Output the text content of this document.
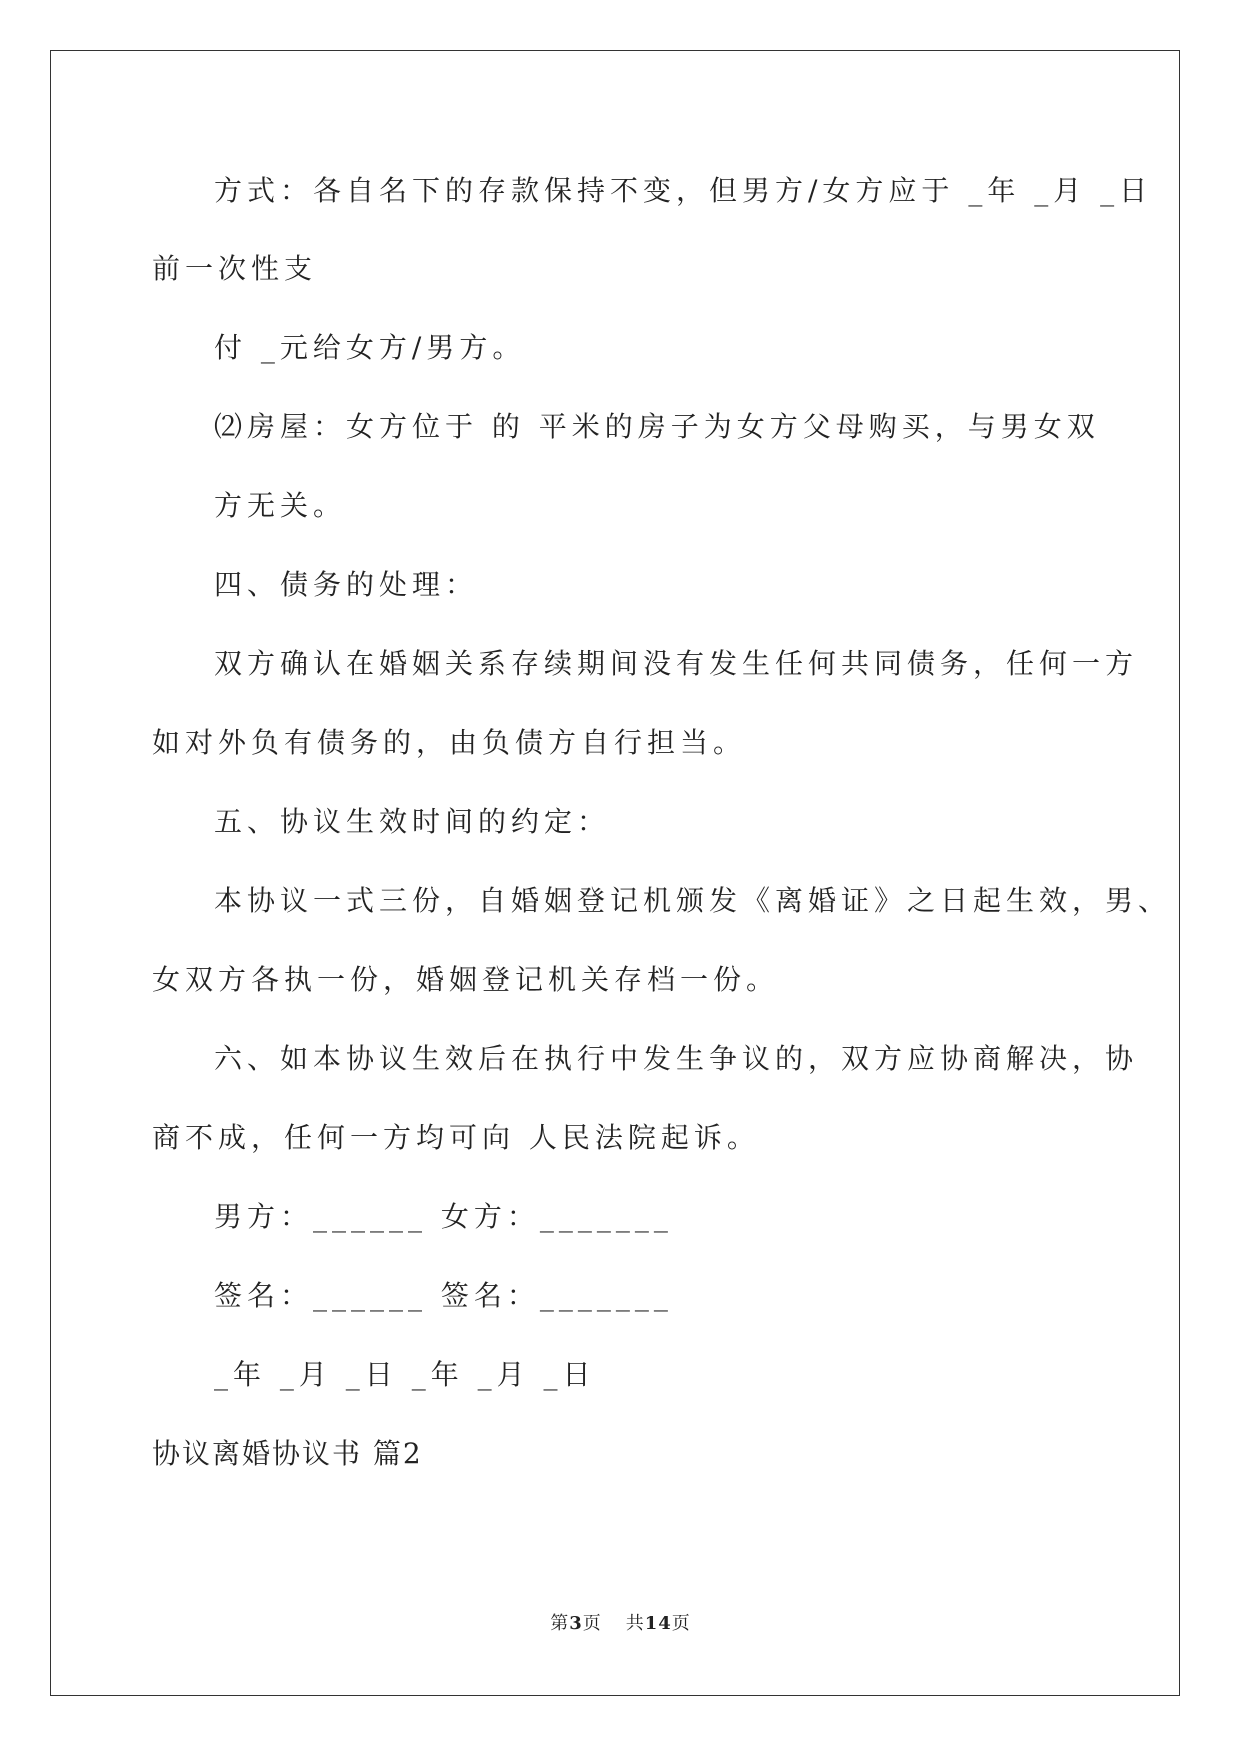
方式：各自名下的存款保持不变，但男方/女方应于 _年 _月 _日
前一次性支
付 _元给女方/男方。
⑵房屋：女方位于 的 平米的房子为女方父母购买，与男女双
方无关。
四、债务的处理：
双方确认在婚姻关系存续期间没有发生任何共同债务，任何一方
如对外负有债务的，由负债方自行担当。
五、协议生效时间的约定：
本协议一式三份，自婚姻登记机颁发《离婚证》之日起生效，男、
女双方各执一份，婚姻登记机关存档一份。
六、如本协议生效后在执行中发生争议的，双方应协商解决，协
商不成，任何一方均可向 人民法院起诉。
男方：______ 女方：_______
签名：______ 签名：_______
_年 _月 _日 _年 _月 _日
协议离婚协议书 篇2
第3页 共14页
